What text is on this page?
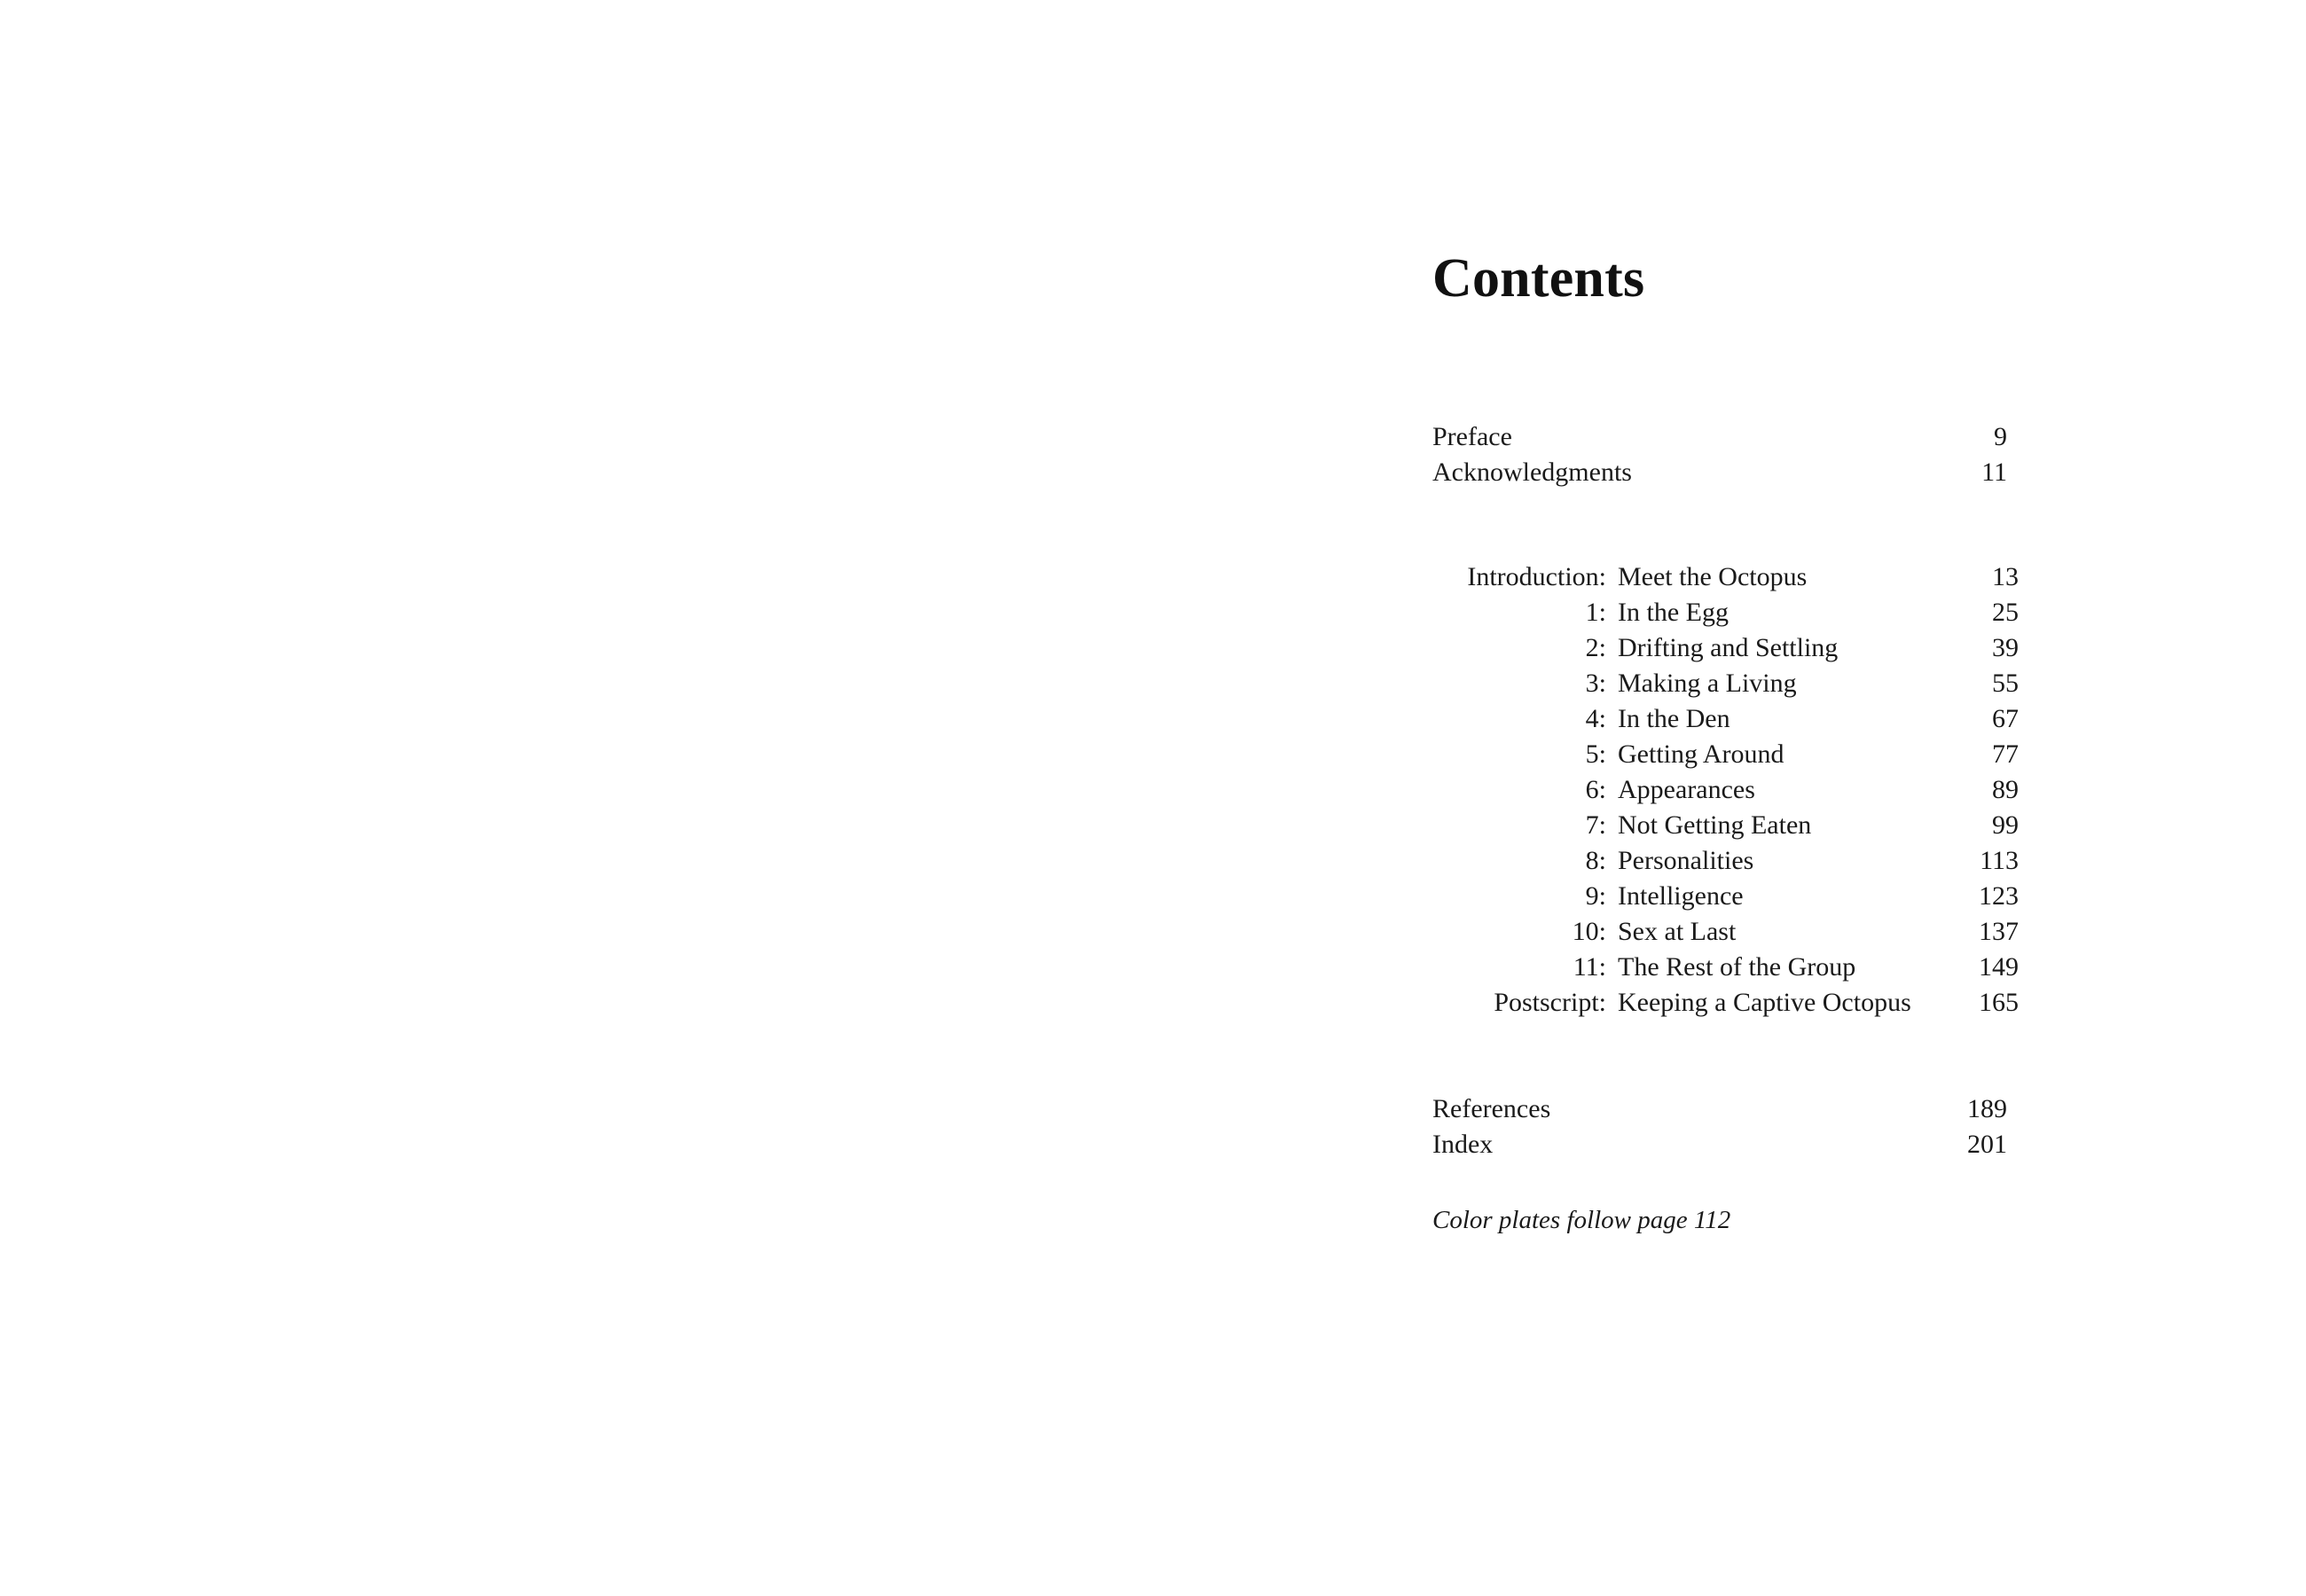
Contents
Preface	9
Acknowledgments	11
Introduction:	Meet the Octopus	13
1:	In the Egg	25
2:	Drifting and Settling	39
3:	Making a Living	55
4:	In the Den	67
5:	Getting Around	77
6:	Appearances	89
7:	Not Getting Eaten	99
8:	Personalities	113
9:	Intelligence	123
10:	Sex at Last	137
11:	The Rest of the Group	149
Postscript:	Keeping a Captive Octopus	165
References	189
Index	201
Color plates follow page 112
